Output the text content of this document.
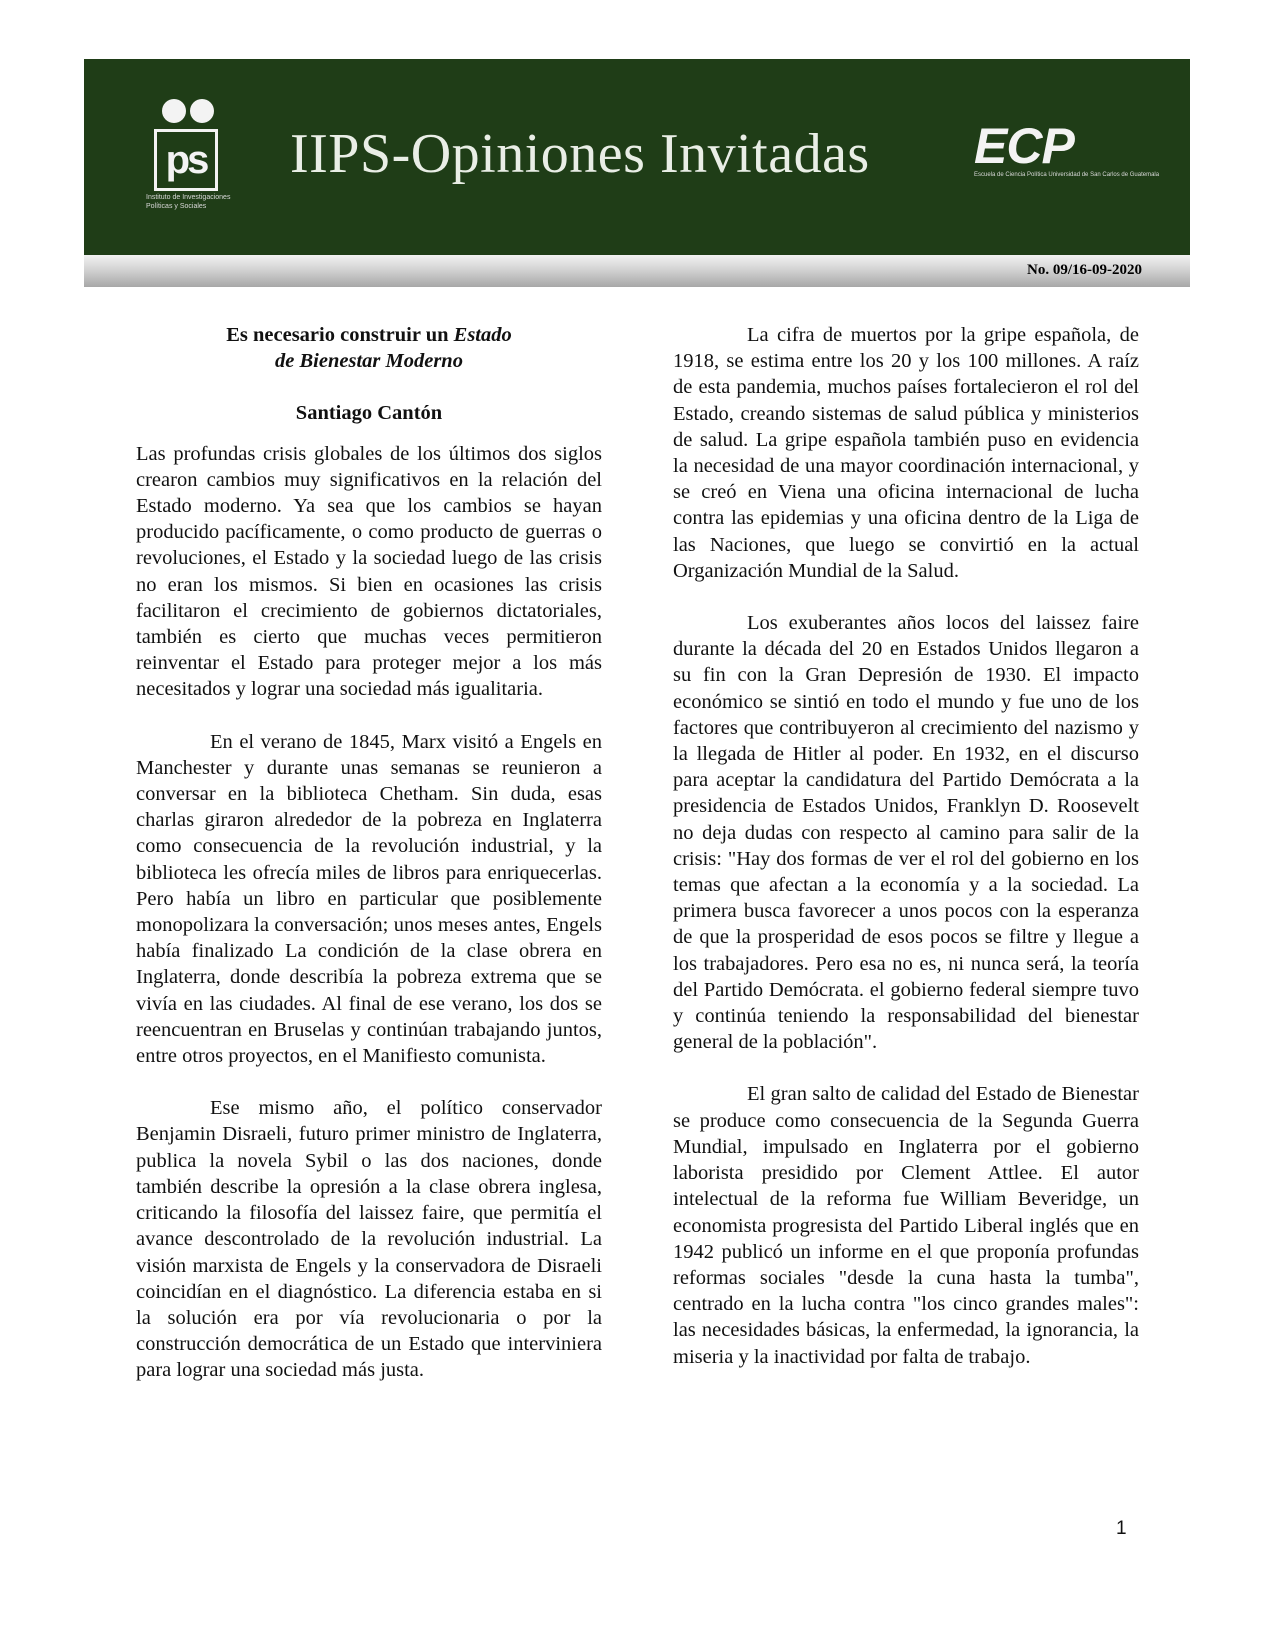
ps
Instituto de Investigaciones Políticas y Sociales
IIPS-Opiniones Invitadas	ECP
Escuela de Ciencia Política Universidad de San Carlos de Guatemala
No. 09/16-09-2020
Es necesario construir un Estado
de Bienestar Moderno
Santiago Cantón

Las profundas crisis globales de los últimos dos siglos crearon cambios muy significativos en la relación del Estado moderno. Ya sea que los cambios se hayan producido pacíficamente, o como producto de guerras o revoluciones, el Estado y la sociedad luego de las crisis no eran los mismos. Si bien en ocasiones las crisis facilitaron el crecimiento de gobiernos dictatoriales, también es cierto que muchas veces permitieron reinventar el Estado para proteger mejor a los más necesitados y lograr una sociedad más igualitaria.

En el verano de 1845, Marx visitó a Engels en Manchester y durante unas semanas se reunieron a conversar en la biblioteca Chetham. Sin duda, esas charlas giraron alrededor de la pobreza en Inglaterra como consecuencia de la revolución industrial, y la biblioteca les ofrecía miles de libros para enriquecerlas. Pero había un libro en particular que posiblemente monopolizara la conversación; unos meses antes, Engels había finalizado La condición de la clase obrera en Inglaterra, donde describía la pobreza extrema que se vivía en las ciudades. Al final de ese verano, los dos se reencuentran en Bruselas y continúan trabajando juntos, entre otros proyectos, en el Manifiesto comunista.

Ese mismo año, el político conservador Benjamin Disraeli, futuro primer ministro de Inglaterra, publica la novela Sybil o las dos naciones, donde también describe la opresión a la clase obrera inglesa, criticando la filosofía del laissez faire, que permitía el avance descontrolado de la revolución industrial. La visión marxista de Engels y la conservadora de Disraeli coincidían en el diagnóstico. La diferencia estaba en si la solución era por vía revolucionaria o por la construcción democrática de un Estado que interviniera para lograr una sociedad más justa.

La cifra de muertos por la gripe española, de 1918, se estima entre los 20 y los 100 millones. A raíz de esta pandemia, muchos países fortalecieron el rol del Estado, creando sistemas de salud pública y ministerios de salud. La gripe española también puso en evidencia la necesidad de una mayor coordinación internacional, y se creó en Viena una oficina internacional de lucha contra las epidemias y una oficina dentro de la Liga de las Naciones, que luego se convirtió en la actual Organización Mundial de la Salud.

Los exuberantes años locos del laissez faire durante la década del 20 en Estados Unidos llegaron a su fin con la Gran Depresión de 1930. El impacto económico se sintió en todo el mundo y fue uno de los factores que contribuyeron al crecimiento del nazismo y la llegada de Hitler al poder. En 1932, en el discurso para aceptar la candidatura del Partido Demócrata a la presidencia de Estados Unidos, Franklyn D. Roosevelt no deja dudas con respecto al camino para salir de la crisis: "Hay dos formas de ver el rol del gobierno en los temas que afectan a la economía y a la sociedad. La primera busca favorecer a unos pocos con la esperanza de que la prosperidad de esos pocos se filtre y llegue a los trabajadores. Pero esa no es, ni nunca será, la teoría del Partido Demócrata. el gobierno federal siempre tuvo y continúa teniendo la responsabilidad del bienestar general de la población".

El gran salto de calidad del Estado de Bienestar se produce como consecuencia de la Segunda Guerra Mundial, impulsado en Inglaterra por el gobierno laborista presidido por Clement Attlee. El autor intelectual de la reforma fue William Beveridge, un economista progresista del Partido Liberal inglés que en 1942 publicó un informe en el que proponía profundas reformas sociales "desde la cuna hasta la tumba", centrado en la lucha contra "los cinco grandes males": las necesidades básicas, la enfermedad, la ignorancia, la miseria y la inactividad por falta de trabajo.

1
